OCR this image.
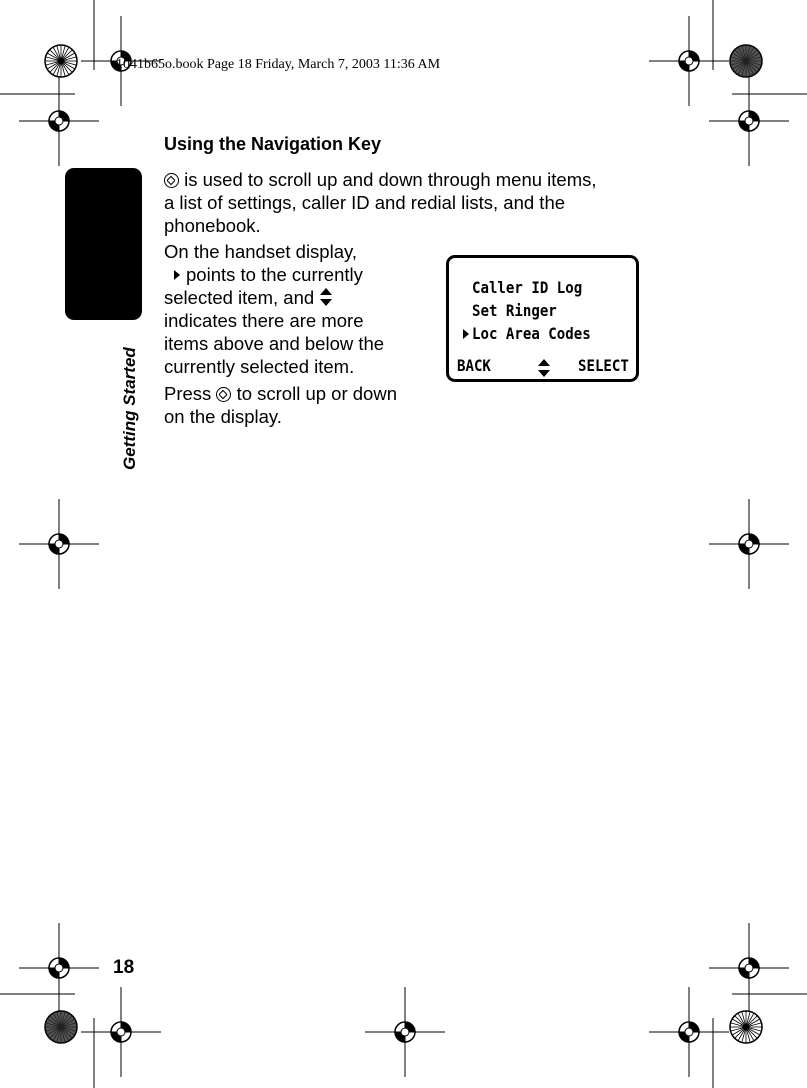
1041b65o.book Page 18 Friday, March 7, 2003 11:36 AM
Getting Started
Using the Navigation Key
is used to scroll up and down through menu items,
a list of settings, caller ID and redial lists, and the
phonebook.
On the handset display,
points to the currently
selected item, and
indicates there are more
items above and below the
currently selected item.
Press to scroll up or down
on the display.
Caller ID Log
Set Ringer
Loc Area Codes
BACK	SELECT
18
